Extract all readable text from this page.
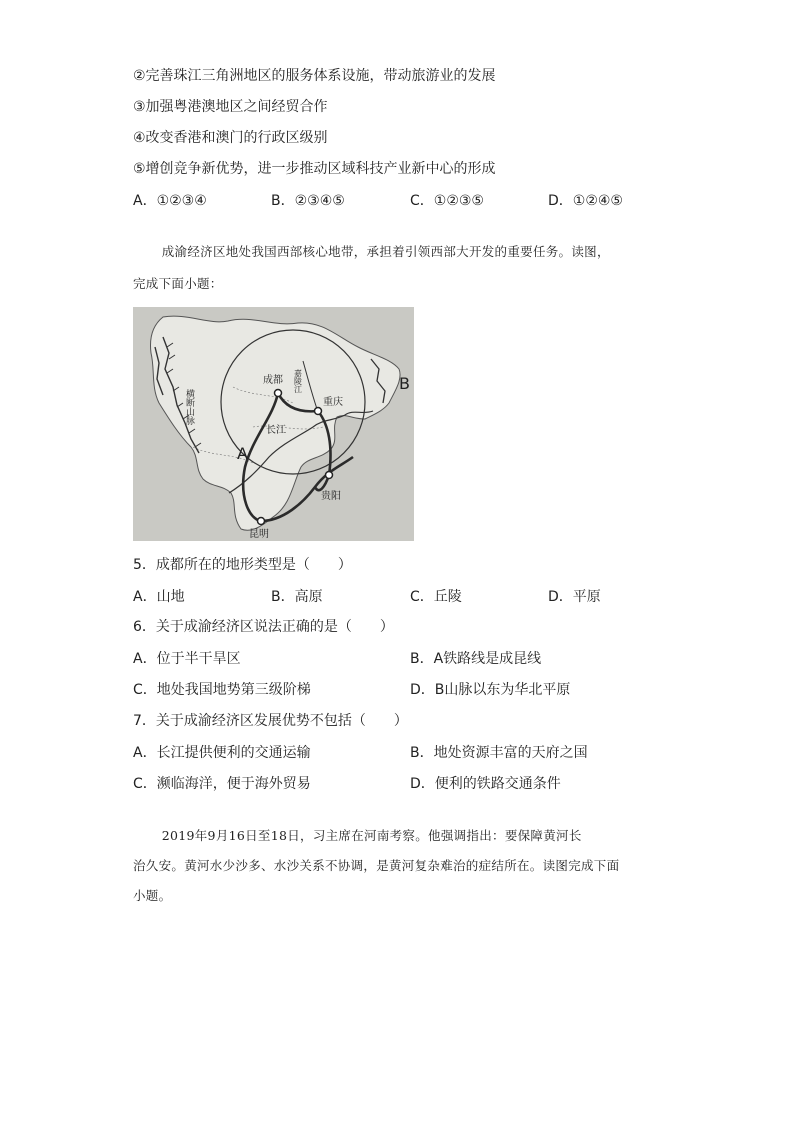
②完善珠江三角洲地区的服务体系设施，带动旅游业的发展
③加强粤港澳地区之间经贸合作
④改变香港和澳门的行政区级别
⑤增创竞争新优势，进一步推动区域科技产业新中心的形成
A．①②③④	B．②③④⑤	C．①②③⑤	D．①②④⑤
成渝经济区地处我国西部核心地带，承担着引领西部大开发的重要任务。读图，
完成下面小题：
成都
重庆
贵阳
昆明
长江
嘉陵江
横断山脉
A
B
5．成都所在的地形类型是（　　）
A．山地	B．高原	C．丘陵	D．平原
6．关于成渝经济区说法正确的是（　　）
A．位于半干旱区	B．A铁路线是成昆线
C．地处我国地势第三级阶梯	D．B山脉以东为华北平原
7．关于成渝经济区发展优势不包括（　　）
A．长江提供便利的交通运输	B．地处资源丰富的天府之国
C．濒临海洋，便于海外贸易	D．便利的铁路交通条件
2019年9月16日至18日，习主席在河南考察。他强调指出：要保障黄河长
治久安。黄河水少沙多、水沙关系不协调，是黄河复杂难治的症结所在。读图完成下面
小题。
